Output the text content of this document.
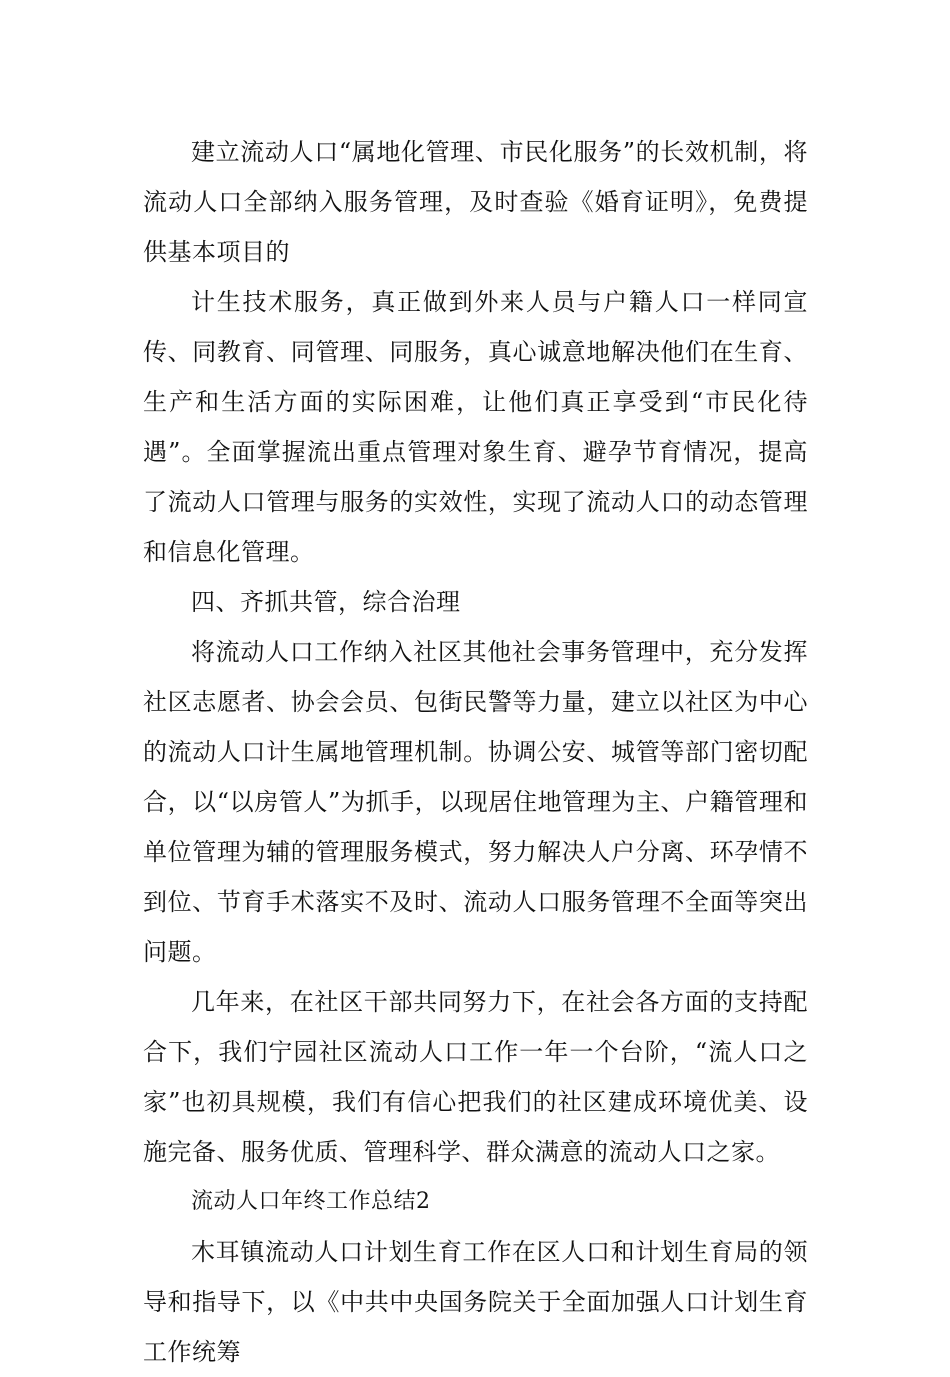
建立流动人口“属地化管理、市民化服务”的长效机制，将流动人口全部纳入服务管理，及时查验《婚育证明》，免费提供基本项目的

计生技术服务，真正做到外来人员与户籍人口一样同宣传、同教育、同管理、同服务，真心诚意地解决他们在生育、生产和生活方面的实际困难，让他们真正享受到“市民化待遇”。全面掌握流出重点管理对象生育、避孕节育情况，提高了流动人口管理与服务的实效性，实现了流动人口的动态管理和信息化管理。

四、齐抓共管，综合治理

将流动人口工作纳入社区其他社会事务管理中，充分发挥社区志愿者、协会会员、包街民警等力量，建立以社区为中心的流动人口计生属地管理机制。协调公安、城管等部门密切配合，以“以房管人”为抓手，以现居住地管理为主、户籍管理和单位管理为辅的管理服务模式，努力解决人户分离、环孕情不到位、节育手术落实不及时、流动人口服务管理不全面等突出问题。

几年来，在社区干部共同努力下，在社会各方面的支持配合下，我们宁园社区流动人口工作一年一个台阶，“流人口之家”也初具规模，我们有信心把我们的社区建成环境优美、设施完备、服务优质、管理科学、群众满意的流动人口之家。

流动人口年终工作总结2

木耳镇流动人口计划生育工作在区人口和计划生育局的领导和指导下，以《中共中央国务院关于全面加强人口计划生育工作统筹
